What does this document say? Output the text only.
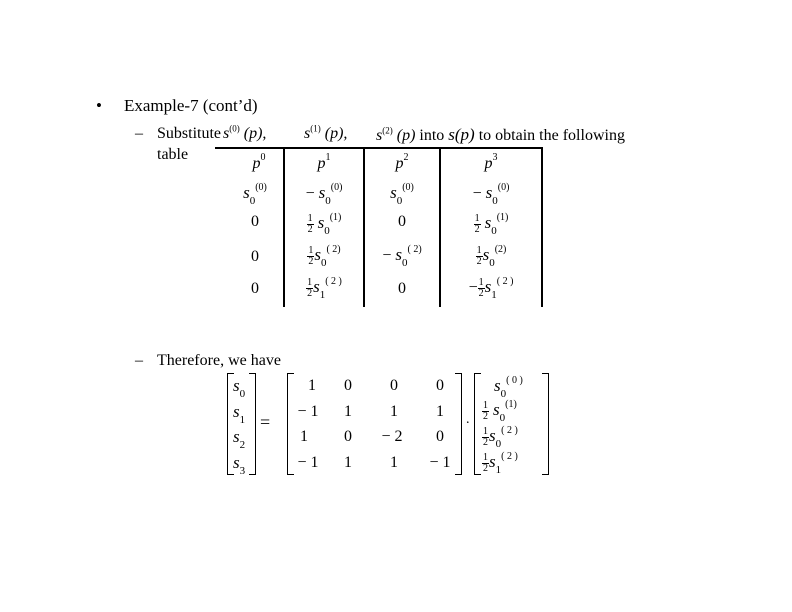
• Example-7 (cont’d)
– Substitute $s^{(0)}$ (p), $s^{(1)}$ (p), $s^{(2)}$ (p) into s(p) to obtain the following
table
$p^0$	$p^1$	$p^2$	$p^3$
$s_0^{(0)}$	− $s_0^{(0)}$	$s_0^{(0)}$	− $s_0^{(0)}$
0	$\frac{1}{2} s_0^{(1)}$	0	$\frac{1}{2} s_0^{(1)}$
0	$\frac{1}{2} s_0^{( 2)}$	− $s_0^{( 2)}$	$\frac{1}{2} s_0^{(2)}$
0	$\frac{1}{2} s_1^{( 2 )}$	0	− $\frac{1}{2} s_1^{( 2 )}$
– Therefore, we have
$s_0$
$s_1$
$s_2$
$s_3$
=
1	0	0	0
− 1	1	1	1
1	0	− 2	0
− 1	1	1	− 1
.
$s_0^{( 0 )}$
$\frac{1}{2} s_0^{(1)}$
$\frac{1}{2} s_0^{( 2 )}$
$\frac{1}{2} s_1^{( 2 )}$
